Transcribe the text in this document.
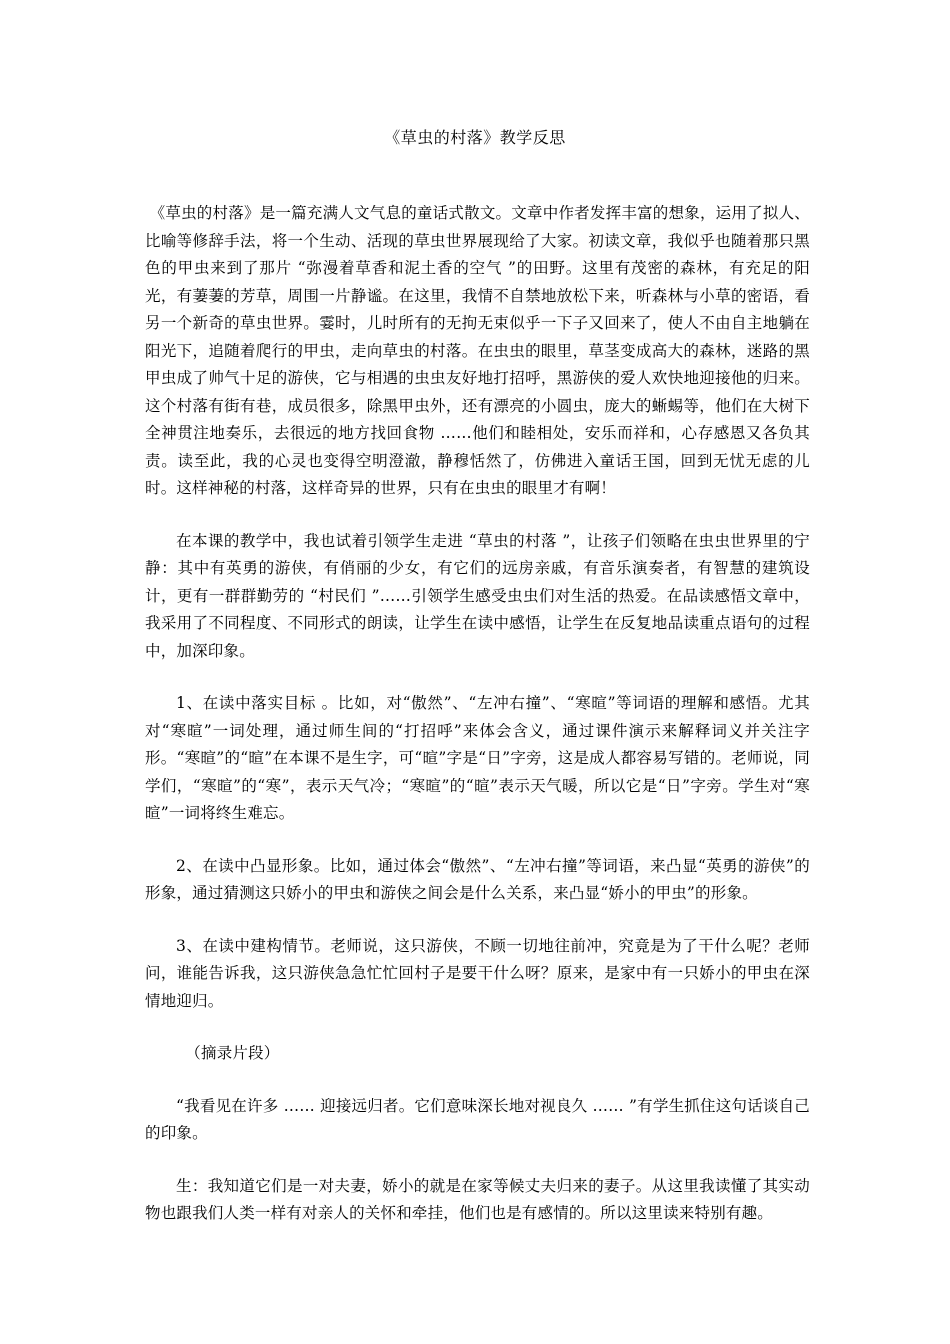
《草虫的村落》教学反思

《草虫的村落》是一篇充满人文气息的童话式散文。文章中作者发挥丰富的想象，运用了拟人、比喻等修辞手法，将一个生动、活现的草虫世界展现给了大家。初读文章，我似乎也随着那只黑色的甲虫来到了那片 “弥漫着草香和泥土香的空气 ”的田野。这里有茂密的森林，有充足的阳光，有萋萋的芳草，周围一片静谧。在这里，我情不自禁地放松下来，听森林与小草的密语，看另一个新奇的草虫世界。霎时，儿时所有的无拘无束似乎一下子又回来了，使人不由自主地躺在阳光下，追随着爬行的甲虫，走向草虫的村落。在虫虫的眼里，草茎变成高大的森林，迷路的黑甲虫成了帅气十足的游侠，它与相遇的虫虫友好地打招呼，黑游侠的爱人欢快地迎接他的归来。这个村落有街有巷，成员很多，除黑甲虫外，还有漂亮的小圆虫，庞大的蜥蜴等，他们在大树下全神贯注地奏乐，去很远的地方找回食物 ……他们和睦相处，安乐而祥和，心存感恩又各负其责。读至此，我的心灵也变得空明澄澈，静穆恬然了，仿佛进入童话王国，回到无忧无虑的儿时。这样神秘的村落，这样奇异的世界，只有在虫虫的眼里才有啊！

在本课的教学中，我也试着引领学生走进 “草虫的村落 ”，让孩子们领略在虫虫世界里的宁静：其中有英勇的游侠，有俏丽的少女，有它们的远房亲戚，有音乐演奏者，有智慧的建筑设计，更有一群群勤劳的 “村民们 ”……引领学生感受虫虫们对生活的热爱。在品读感悟文章中，我采用了不同程度、不同形式的朗读，让学生在读中感悟，让学生在反复地品读重点语句的过程中，加深印象。

1、在读中落实目标 。比如，对“傲然”、“左冲右撞”、“寒暄”等词语的理解和感悟。尤其对“寒暄”一词处理，通过师生间的“打招呼”来体会含义，通过课件演示来解释词义并关注字形。“寒暄”的“暄”在本课不是生字，可“暄”字是“日”字旁，这是成人都容易写错的。老师说，同学们，“寒暄”的“寒”，表示天气冷；“寒暄”的“暄”表示天气暖，所以它是“日”字旁。学生对“寒暄”一词将终生难忘。

2、在读中凸显形象。比如，通过体会“傲然”、“左冲右撞”等词语，来凸显“英勇的游侠”的形象，通过猜测这只娇小的甲虫和游侠之间会是什么关系，来凸显“娇小的甲虫”的形象。

3、在读中建构情节。老师说，这只游侠，不顾一切地往前冲，究竟是为了干什么呢？老师问，谁能告诉我，这只游侠急急忙忙回村子是要干什么呀？原来，是家中有一只娇小的甲虫在深情地迎归。

（摘录片段）

“我看见在许多 …… 迎接远归者。它们意味深长地对视良久 …… ”有学生抓住这句话谈自己的印象。

生：我知道它们是一对夫妻，娇小的就是在家等候丈夫归来的妻子。从这里我读懂了其实动物也跟我们人类一样有对亲人的关怀和牵挂，他们也是有感情的。所以这里读来特别有趣。
